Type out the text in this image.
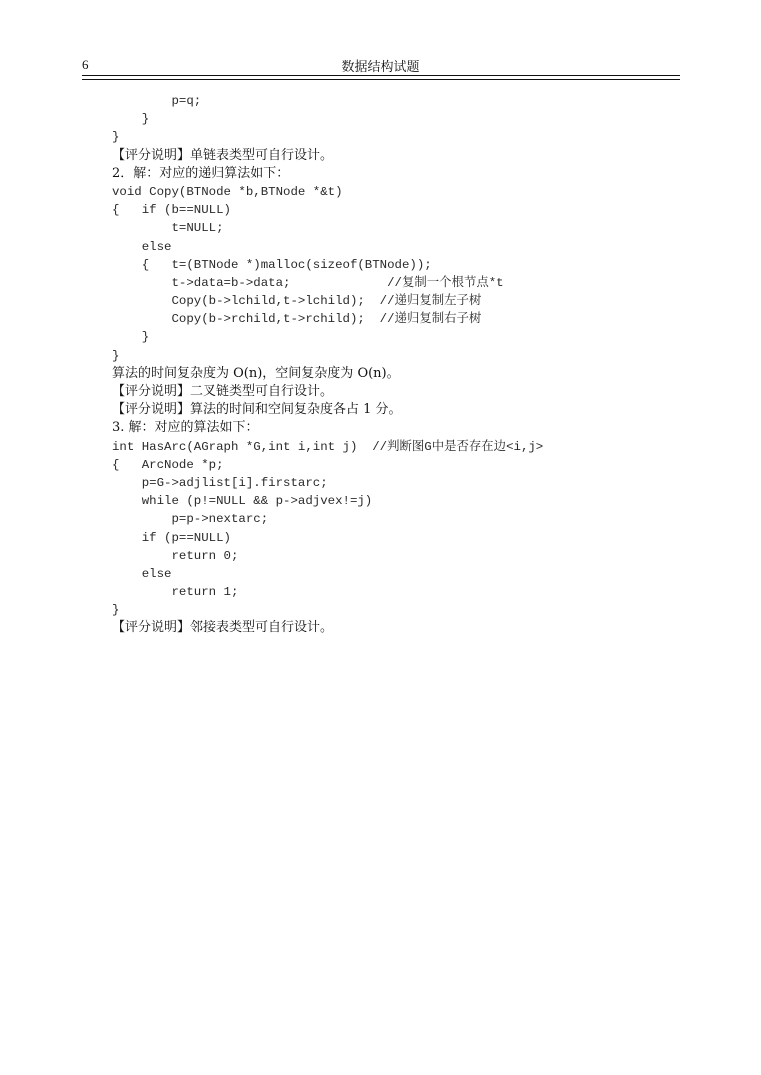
6	数据结构试题
p=q;
}
}
【评分说明】单链表类型可自行设计。
2．解：对应的递归算法如下：
void Copy(BTNode *b,BTNode *&t)
{   if (b==NULL)
t=NULL;
else
{   t=(BTNode *)malloc(sizeof(BTNode));
t->data=b->data;             //复制一个根节点*t
Copy(b->lchild,t->lchild);  //递归复制左子树
Copy(b->rchild,t->rchild);  //递归复制右子树
}
}
算法的时间复杂度为 O(n)，空间复杂度为 O(n)。
【评分说明】二叉链类型可自行设计。
【评分说明】算法的时间和空间复杂度各占 1 分。
3. 解：对应的算法如下：
int HasArc(AGraph *G,int i,int j)  //判断图G中是否存在边<i,j>
{   ArcNode *p;
p=G->adjlist[i].firstarc;
while (p!=NULL && p->adjvex!=j)
p=p->nextarc;
if (p==NULL)
return 0;
else
return 1;
}
【评分说明】邻接表类型可自行设计。
